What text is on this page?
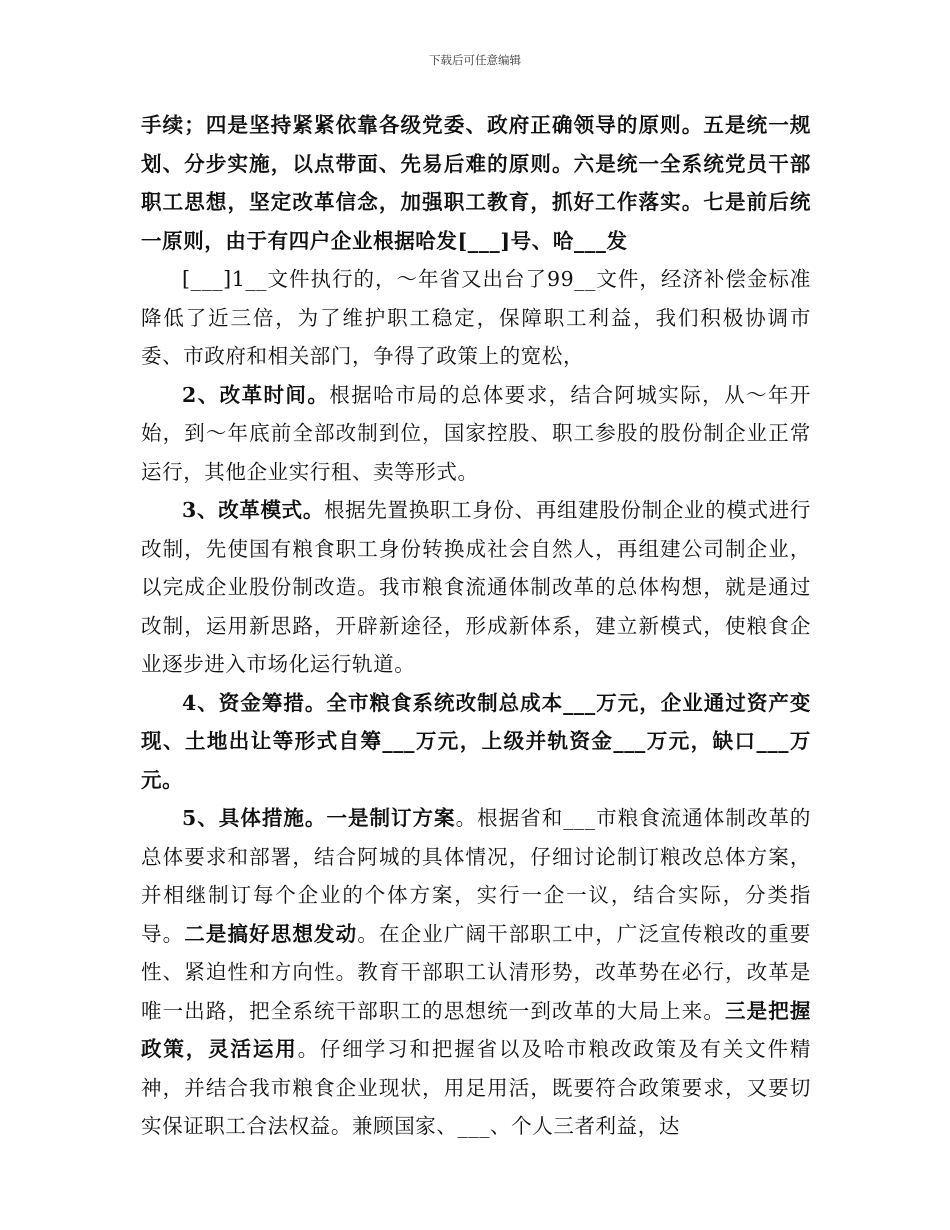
下载后可任意编辑

手续；四是坚持紧紧依靠各级党委、政府正确领导的原则。五是统一规划、分步实施，以点带面、先易后难的原则。六是统一全系统党员干部职工思想，坚定改革信念，加强职工教育，抓好工作落实。七是前后统一原则，由于有四户企业根据哈发[___]号、哈___发

[___]1__文件执行的，～年省又出台了99__文件，经济补偿金标准降低了近三倍，为了维护职工稳定，保障职工利益，我们积极协调市委、市政府和相关部门，争得了政策上的宽松，

2、改革时间。根据哈市局的总体要求，结合阿城实际，从～年开始，到～年底前全部改制到位，国家控股、职工参股的股份制企业正常运行，其他企业实行租、卖等形式。

3、改革模式。根据先置换职工身份、再组建股份制企业的模式进行改制，先使国有粮食职工身份转换成社会自然人，再组建公司制企业，以完成企业股份制改造。我市粮食流通体制改革的总体构想，就是通过改制，运用新思路，开辟新途径，形成新体系，建立新模式，使粮食企业逐步进入市场化运行轨道。

4、资金筹措。全市粮食系统改制总成本___万元，企业通过资产变现、土地出让等形式自筹___万元，上级并轨资金___万元，缺口___万元。

5、具体措施。一是制订方案。根据省和___市粮食流通体制改革的总体要求和部署，结合阿城的具体情况，仔细讨论制订粮改总体方案，并相继制订每个企业的个体方案，实行一企一议，结合实际，分类指导。二是搞好思想发动。在企业广阔干部职工中，广泛宣传粮改的重要性、紧迫性和方向性。教育干部职工认清形势，改革势在必行，改革是唯一出路，把全系统干部职工的思想统一到改革的大局上来。三是把握政策，灵活运用。仔细学习和把握省以及哈市粮改政策及有关文件精神，并结合我市粮食企业现状，用足用活，既要符合政策要求，又要切实保证职工合法权益。兼顾国家、___、个人三者利益，达
